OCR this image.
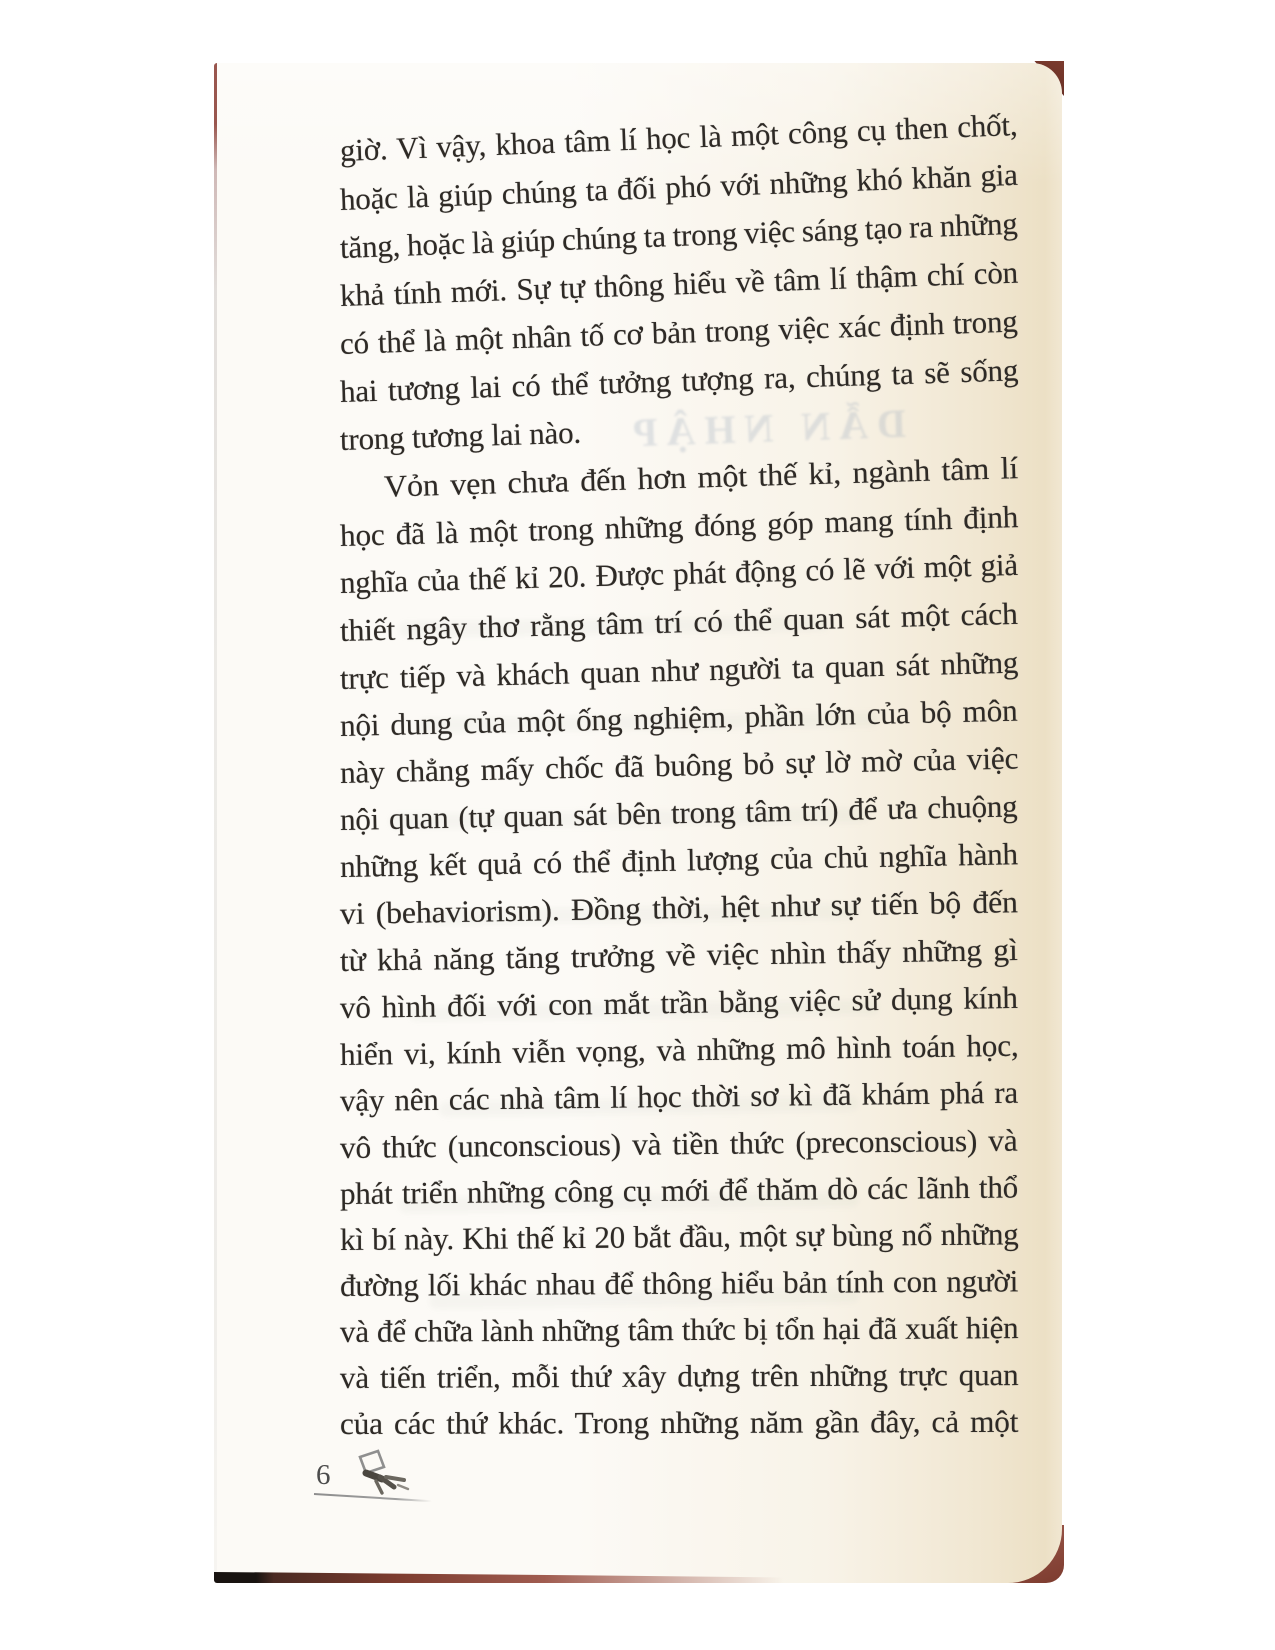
DẪN NHẬP
giờ. Vì vậy, khoa tâm lí học là một công cụ then chốt,
hoặc là giúp chúng ta đối phó với những khó khăn gia
tăng, hoặc là giúp chúng ta trong việc sáng tạo ra những
khả tính mới. Sự tự thông hiểu về tâm lí thậm chí còn
có thể là một nhân tố cơ bản trong việc xác định trong
hai tương lai có thể tưởng tượng ra, chúng ta sẽ sống
trong tương lai nào.
Vỏn vẹn chưa đến hơn một thế kỉ, ngành tâm lí
học đã là một trong những đóng góp mang tính định
nghĩa của thế kỉ 20. Được phát động có lẽ với một giả
thiết ngây thơ rằng tâm trí có thể quan sát một cách
trực tiếp và khách quan như người ta quan sát những
nội dung của một ống nghiệm, phần lớn của bộ môn
này chẳng mấy chốc đã buông bỏ sự lờ mờ của việc
nội quan (tự quan sát bên trong tâm trí) để ưa chuộng
những kết quả có thể định lượng của chủ nghĩa hành
vi (behaviorism). Đồng thời, hệt như sự tiến bộ đến
từ khả năng tăng trưởng về việc nhìn thấy những gì
vô hình đối với con mắt trần bằng việc sử dụng kính
hiển vi, kính viễn vọng, và những mô hình toán học,
vậy nên các nhà tâm lí học thời sơ kì đã khám phá ra
vô thức (unconscious) và tiền thức (preconscious) và
phát triển những công cụ mới để thăm dò các lãnh thổ
kì bí này. Khi thế kỉ 20 bắt đầu, một sự bùng nổ những
đường lối khác nhau để thông hiểu bản tính con người
và để chữa lành những tâm thức bị tổn hại đã xuất hiện
và tiến triển, mỗi thứ xây dựng trên những trực quan
của các thứ khác. Trong những năm gần đây, cả một
6
